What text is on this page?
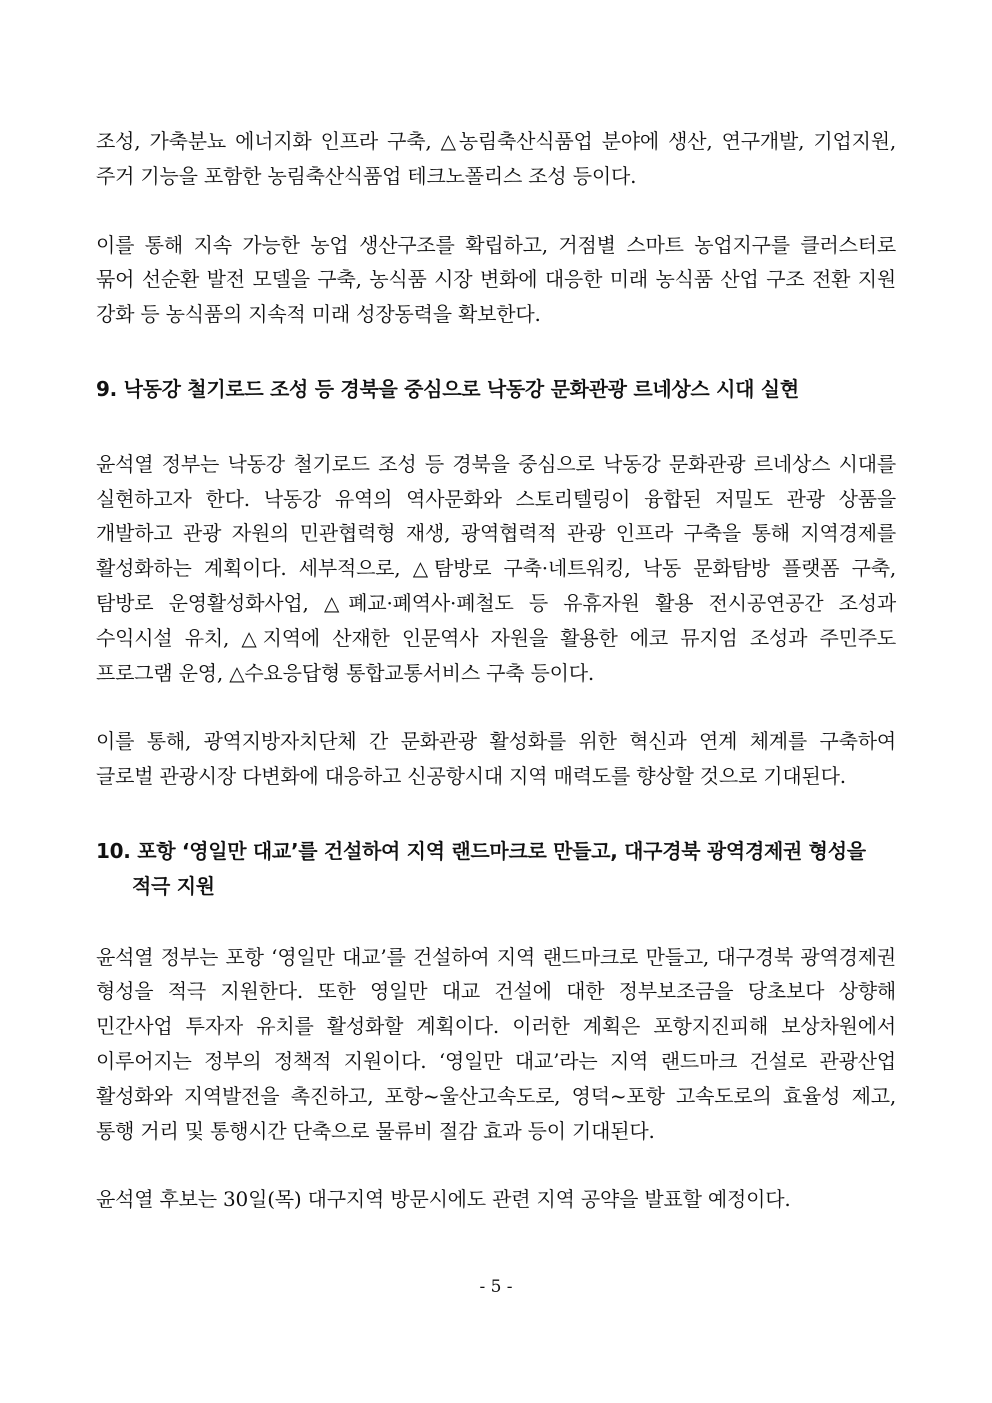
조성, 가축분뇨 에너지화 인프라 구축, △농림축산식품업 분야에 생산, 연구개발, 기업지원, 주거 기능을 포함한 농림축산식품업 테크노폴리스 조성 등이다.

이를 통해 지속 가능한 농업 생산구조를 확립하고, 거점별 스마트 농업지구를 클러스터로 묶어 선순환 발전 모델을 구축, 농식품 시장 변화에 대응한 미래 농식품 산업 구조 전환 지원 강화 등 농식품의 지속적 미래 성장동력을 확보한다.

9. 낙동강 철기로드 조성 등 경북을 중심으로 낙동강 문화관광 르네상스 시대 실현

윤석열 정부는 낙동강 철기로드 조성 등 경북을 중심으로 낙동강 문화관광 르네상스 시대를 실현하고자 한다. 낙동강 유역의 역사문화와 스토리텔링이 융합된 저밀도 관광 상품을 개발하고 관광 자원의 민관협력형 재생, 광역협력적 관광 인프라 구축을 통해 지역경제를 활성화하는 계획이다. 세부적으로, △탐방로 구축·네트워킹, 낙동 문화탐방 플랫폼 구축, 탐방로 운영활성화사업, △폐교·폐역사·폐철도 등 유휴자원 활용 전시공연공간 조성과 수익시설 유치, △지역에 산재한 인문역사 자원을 활용한 에코 뮤지엄 조성과 주민주도 프로그램 운영, △수요응답형 통합교통서비스 구축 등이다.

이를 통해, 광역지방자치단체 간 문화관광 활성화를 위한 혁신과 연계 체계를 구축하여 글로벌 관광시장 다변화에 대응하고 신공항시대 지역 매력도를 향상할 것으로 기대된다.

10. 포항 ‘영일만 대교’를 건설하여 지역 랜드마크로 만들고, 대구경북 광역경제권 형성을 적극 지원

윤석열 정부는 포항 ‘영일만 대교’를 건설하여 지역 랜드마크로 만들고, 대구경북 광역경제권 형성을 적극 지원한다. 또한 영일만 대교 건설에 대한 정부보조금을 당초보다 상향해 민간사업 투자자 유치를 활성화할 계획이다. 이러한 계획은 포항지진피해 보상차원에서 이루어지는 정부의 정책적 지원이다. ‘영일만 대교’라는 지역 랜드마크 건설로 관광산업 활성화와 지역발전을 촉진하고, 포항~울산고속도로, 영덕~포항 고속도로의 효율성 제고, 통행 거리 및 통행시간 단축으로 물류비 절감 효과 등이 기대된다.

윤석열 후보는 30일(목) 대구지역 방문시에도 관련 지역 공약을 발표할 예정이다.

- 5 -
